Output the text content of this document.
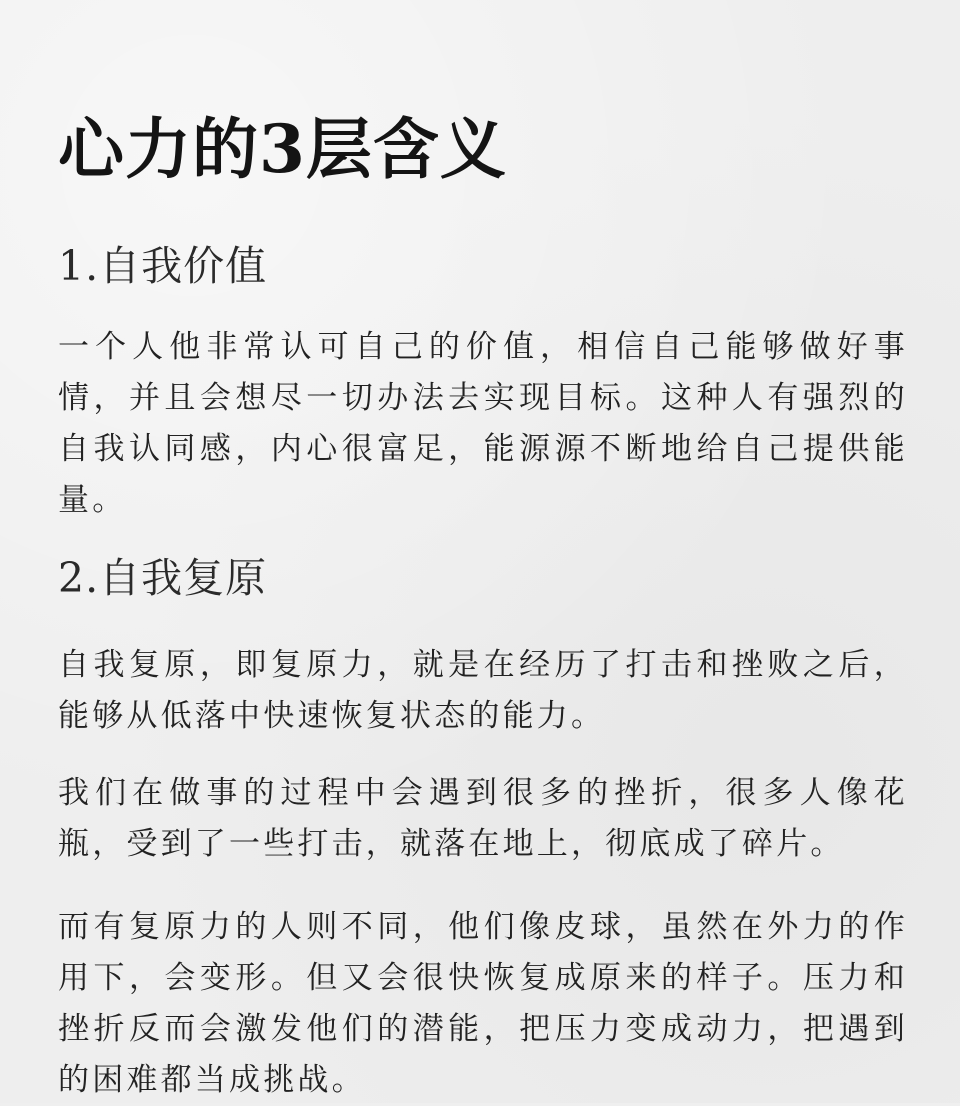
心力的3层含义
1.自我价值

一个人他非常认可自己的价值，相信自己能够做好事情，并且会想尽一切办法去实现目标。这种人有强烈的自我认同感，内心很富足，能源源不断地给自己提供能量。

2.自我复原

自我复原，即复原力，就是在经历了打击和挫败之后，能够从低落中快速恢复状态的能力。

我们在做事的过程中会遇到很多的挫折，很多人像花瓶，受到了一些打击，就落在地上，彻底成了碎片。

而有复原力的人则不同，他们像皮球，虽然在外力的作用下，会变形。但又会很快恢复成原来的样子。压力和挫折反而会激发他们的潜能，把压力变成动力，把遇到的困难都当成挑战。
